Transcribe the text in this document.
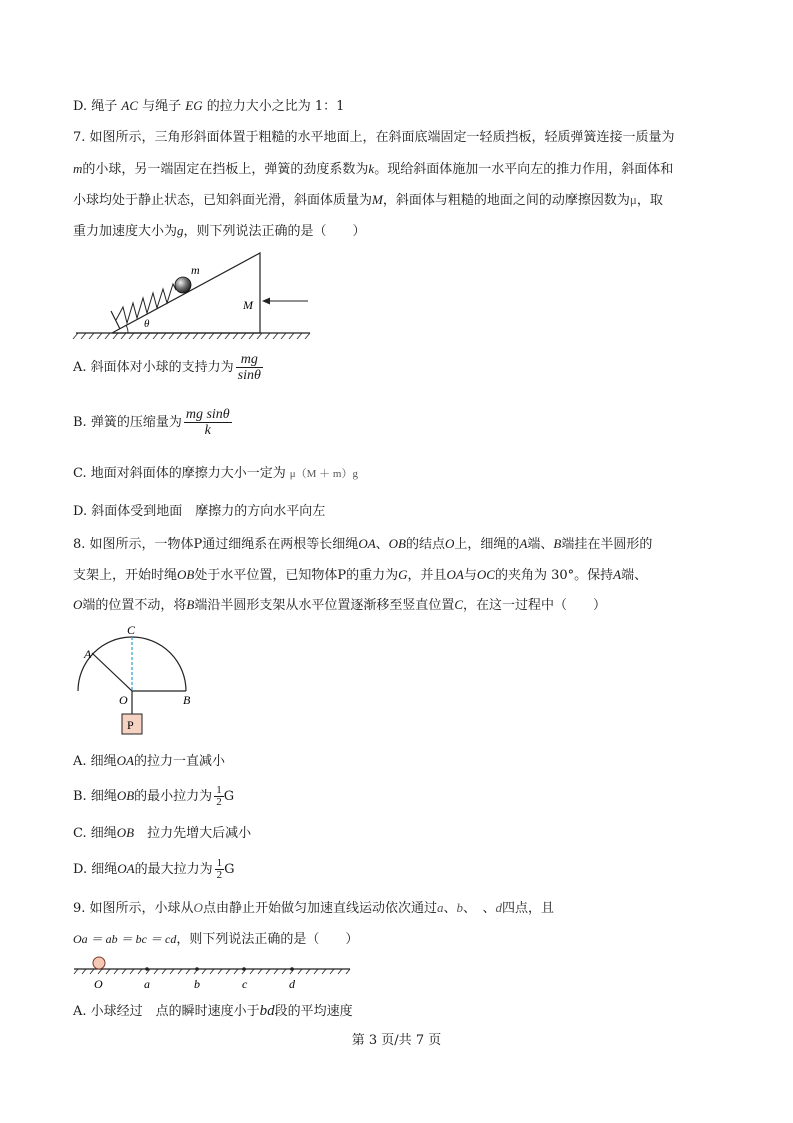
D. 绳子 AC 与绳子 EG 的拉力大小之比为 1：1
7. 如图所示，三角形斜面体置于粗糙的水平地面上，在斜面底端固定一轻质挡板，轻质弹簧连接一质量为
m的小球，另一端固定在挡板上，弹簧的劲度系数为k。现给斜面体施加一水平向左的推力作用，斜面体和
小球均处于静止状态，已知斜面光滑，斜面体质量为M，斜面体与粗糙的地面之间的动摩擦因数为μ，取
重力加速度大小为g，则下列说法正确的是（　　）
m
M
θ
A. 斜面体对小球的支持力为 $\frac{mg}{\sin\theta}$
B. 弹簧的压缩量为 $\frac{\text{mg sinθ}}{k}$
C. 地面对斜面体的摩擦力大小一定为 μ（M ＋ m）g
D. 斜面体受到地面　摩擦力的方向水平向左
8. 如图所示，一物体P通过细绳系在两根等长细绳OA、OB的结点O上，细绳的A端、B端挂在半圆形的
支架上，开始时绳OB处于水平位置，已知物体P的重力为G，并且OA与OC的夹角为 30°。保持A端、
O端的位置不动，将B端沿半圆形支架从水平位置逐渐移至竖直位置C，在这一过程中（　　）
P
C
A
O	B
A. 细绳OA的拉力一直减小
B. 细绳OB的最小拉力为 $\frac{1}{2}$ G
C. 细绳OB　拉力先增大后减小
D. 细绳OA的最大拉力为 $\frac{1}{2}$ G
9. 如图所示，小球从O点由静止开始做匀加速直线运动依次通过a、b、　、d四点，且
Oa ＝ ab ＝ bc ＝ cd，则下列说法正确的是（　　）
O	a	b	c	d
A. 小球经过　点的瞬时速度小于bd段的平均速度
第 3 页/共 7 页
